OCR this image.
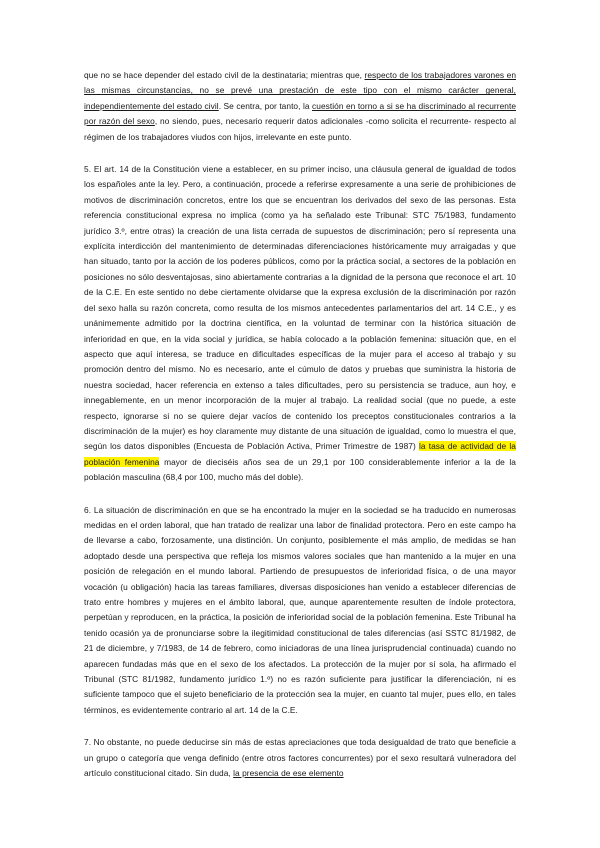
que no se hace depender del estado civil de la destinataria; mientras que, respecto de los trabajadores varones en las mismas circunstancias, no se prevé una prestación de este tipo con el mismo carácter general, independientemente del estado civil. Se centra, por tanto, la cuestión en torno a si se ha discriminado al recurrente por razón del sexo, no siendo, pues, necesario requerir datos adicionales -como solicita el recurrente- respecto al régimen de los trabajadores viudos con hijos, irrelevante en este punto.

5. El art. 14 de la Constitución viene a establecer, en su primer inciso, una cláusula general de igualdad de todos los españoles ante la ley. Pero, a continuación, procede a referirse expresamente a una serie de prohibiciones de motivos de discriminación concretos, entre los que se encuentran los derivados del sexo de las personas. Esta referencia constitucional expresa no implica (como ya ha señalado este Tribunal: STC 75/1983, fundamento jurídico 3.º, entre otras) la creación de una lista cerrada de supuestos de discriminación; pero sí representa una explícita interdicción del mantenimiento de determinadas diferenciaciones históricamente muy arraigadas y que han situado, tanto por la acción de los poderes públicos, como por la práctica social, a sectores de la población en posiciones no sólo desventajosas, sino abiertamente contrarias a la dignidad de la persona que reconoce el art. 10 de la C.E. En este sentido no debe ciertamente olvidarse que la expresa exclusión de la discriminación por razón del sexo halla su razón concreta, como resulta de los mismos antecedentes parlamentarios del art. 14 C.E., y es unánimemente admitido por la doctrina científica, en la voluntad de terminar con la histórica situación de inferioridad en que, en la vida social y jurídica, se había colocado a la población femenina: situación que, en el aspecto que aquí interesa, se traduce en dificultades específicas de la mujer para el acceso al trabajo y su promoción dentro del mismo. No es necesario, ante el cúmulo de datos y pruebas que suministra la historia de nuestra sociedad, hacer referencia en extenso a tales dificultades, pero su persistencia se traduce, aun hoy, e innegablemente, en un menor incorporación de la mujer al trabajo. La realidad social (que no puede, a este respecto, ignorarse si no se quiere dejar vacíos de contenido los preceptos constitucionales contrarios a la discriminación de la mujer) es hoy claramente muy distante de una situación de igualdad, como lo muestra el que, según los datos disponibles (Encuesta de Población Activa, Primer Trimestre de 1987) la tasa de actividad de la población femenina mayor de dieciséis años sea de un 29,1 por 100 considerablemente inferior a la de la población masculina (68,4 por 100, mucho más del doble).

6. La situación de discriminación en que se ha encontrado la mujer en la sociedad se ha traducido en numerosas medidas en el orden laboral, que han tratado de realizar una labor de finalidad protectora. Pero en este campo ha de llevarse a cabo, forzosamente, una distinción. Un conjunto, posiblemente el más amplio, de medidas se han adoptado desde una perspectiva que refleja los mismos valores sociales que han mantenido a la mujer en una posición de relegación en el mundo laboral. Partiendo de presupuestos de inferioridad física, o de una mayor vocación (u obligación) hacia las tareas familiares, diversas disposiciones han venido a establecer diferencias de trato entre hombres y mujeres en el ámbito laboral, que, aunque aparentemente resulten de índole protectora, perpetúan y reproducen, en la práctica, la posición de inferioridad social de la población femenina. Este Tribunal ha tenido ocasión ya de pronunciarse sobre la ilegitimidad constitucional de tales diferencias (así SSTC 81/1982, de 21 de diciembre, y 7/1983, de 14 de febrero, como iniciadoras de una línea jurisprudencial continuada) cuando no aparecen fundadas más que en el sexo de los afectados. La protección de la mujer por sí sola, ha afirmado el Tribunal (STC 81/1982, fundamento jurídico 1.º) no es razón suficiente para justificar la diferenciación, ni es suficiente tampoco que el sujeto beneficiario de la protección sea la mujer, en cuanto tal mujer, pues ello, en tales términos, es evidentemente contrario al art. 14 de la C.E.

7. No obstante, no puede deducirse sin más de estas apreciaciones que toda desigualdad de trato que beneficie a un grupo o categoría que venga definido (entre otros factores concurrentes) por el sexo resultará vulneradora del artículo constitucional citado. Sin duda, la presencia de ese elemento
